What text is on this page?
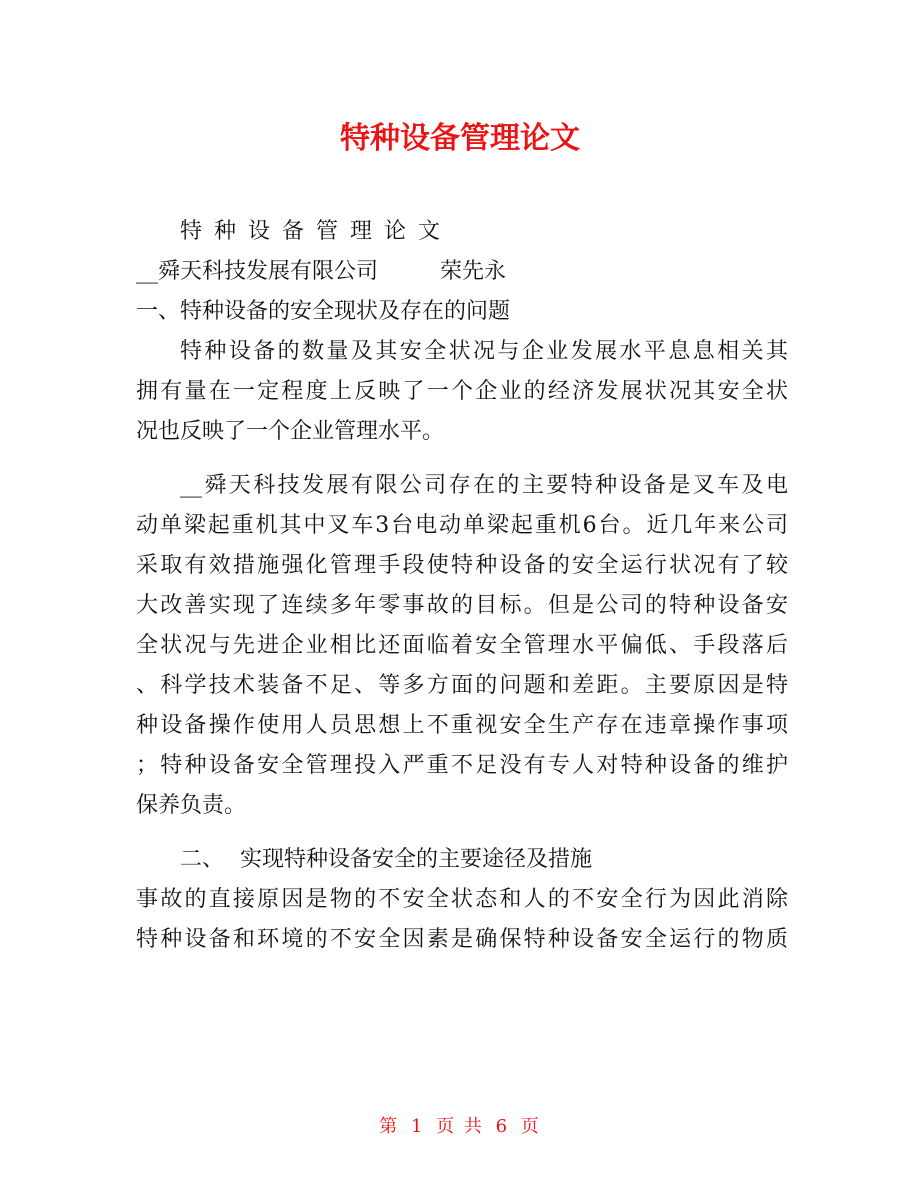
特种设备管理论文
特种设备管理论文
__舜天科技发展有限公司	荣先永
一、特种设备的安全现状及存在的问题
特种设备的数量及其安全状况与企业发展水平息息相关其
拥有量在一定程度上反映了一个企业的经济发展状况其安全状
况也反映了一个企业管理水平。
__舜天科技发展有限公司存在的主要特种设备是叉车及电
动单梁起重机其中叉车3台电动单梁起重机6台。近几年来公司
采取有效措施强化管理手段使特种设备的安全运行状况有了较
大改善实现了连续多年零事故的目标。但是公司的特种设备安
全状况与先进企业相比还面临着安全管理水平偏低、手段落后
、科学技术装备不足、等多方面的问题和差距。主要原因是特
种设备操作使用人员思想上不重视安全生产存在违章操作事项
；特种设备安全管理投入严重不足没有专人对特种设备的维护
保养负责。
二、 实现特种设备安全的主要途径及措施
事故的直接原因是物的不安全状态和人的不安全行为因此消除
特种设备和环境的不安全因素是确保特种设备安全运行的物质
第 1 页 共 6 页
